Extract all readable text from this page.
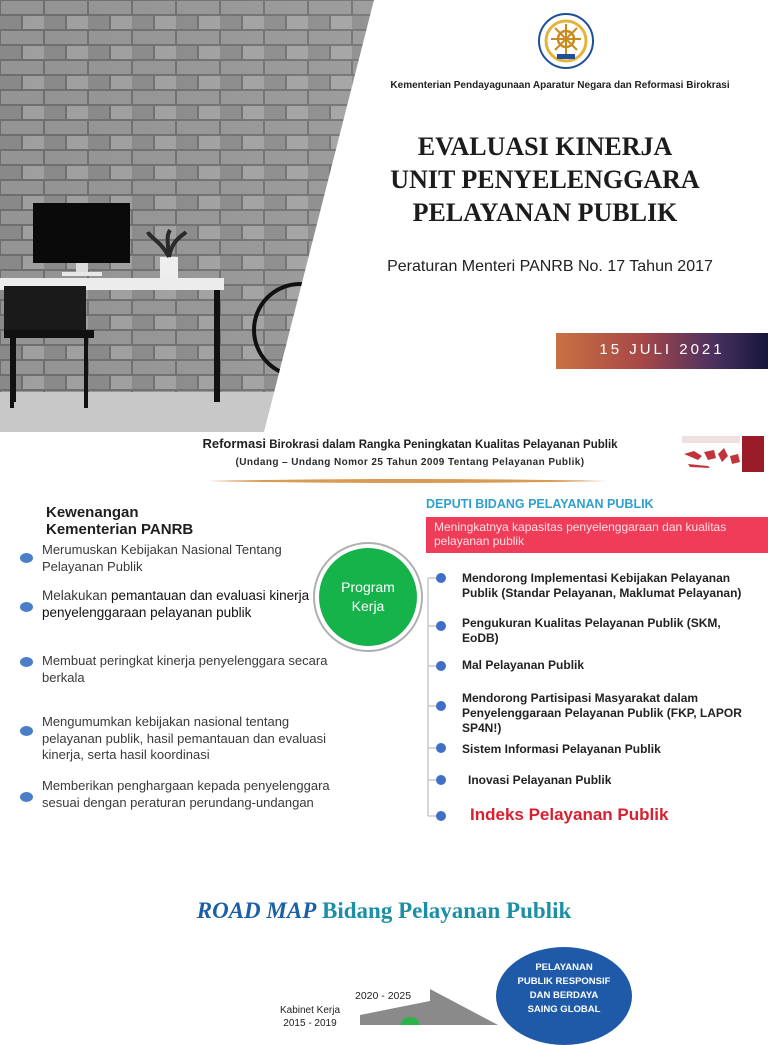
Kementerian Pendayagunaan Aparatur Negara dan Reformasi Birokrasi
EVALUASI KINERJA
UNIT PENYELENGGARA
PELAYANAN PUBLIK
Peraturan Menteri PANRB No. 17 Tahun 2017
15 JULI 2021
Reformasi Birokrasi dalam Rangka Peningkatan Kualitas Pelayanan Publik
(Undang – Undang Nomor 25 Tahun 2009 Tentang Pelayanan Publik)
Kewenangan
Kementerian PANRB
Merumuskan Kebijakan Nasional Tentang Pelayanan Publik
Melakukan pemantauan dan evaluasi kinerja penyelenggaraan pelayanan publik
Membuat peringkat kinerja penyelenggara secara berkala
Mengumumkan kebijakan nasional tentang pelayanan publik, hasil pemantauan dan evaluasi kinerja, serta hasil koordinasi
Memberikan penghargaan kepada penyelenggara sesuai dengan peraturan perundang-undangan
Program
Kerja
DEPUTI BIDANG PELAYANAN PUBLIK
Meningkatnya kapasitas penyelenggaraan dan kualitas pelayanan publik
Mendorong Implementasi Kebijakan Pelayanan Publik (Standar Pelayanan, Maklumat Pelayanan)
Pengukuran Kualitas Pelayanan Publik (SKM, EoDB)
Mal Pelayanan Publik
Mendorong Partisipasi Masyarakat dalam Penyelenggaraan Pelayanan Publik (FKP, LAPOR SP4N!)
Sistem Informasi Pelayanan Publik
Inovasi Pelayanan Publik
Indeks Pelayanan Publik
ROAD MAP Bidang Pelayanan Publik
2020 - 2025
Kabinet Kerja
2015 - 2019
PELAYANAN
PUBLIK RESPONSIF
DAN BERDAYA
SAING GLOBAL
